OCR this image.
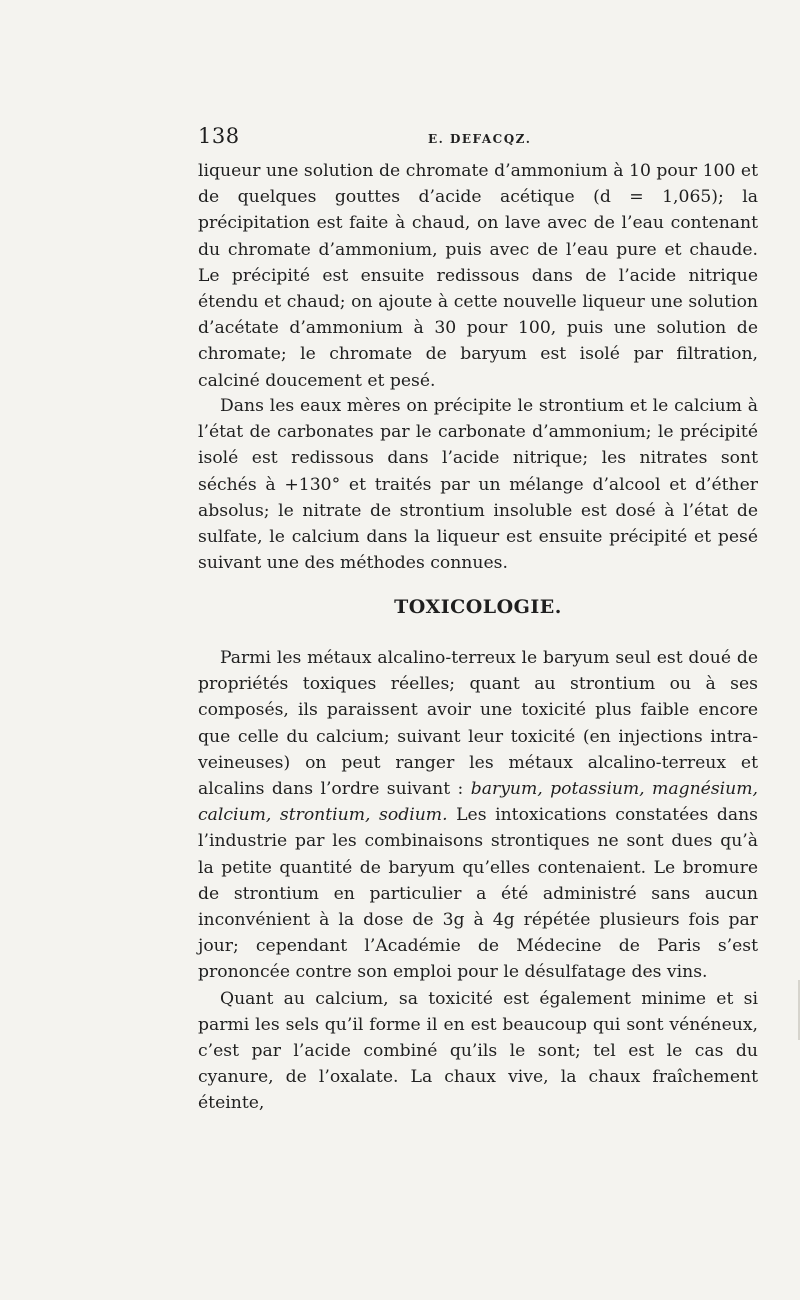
138	E. DEFACQZ.

liqueur une solution de chromate d’ammonium à 10 pour 100 et de quelques gouttes d’acide acétique (d = 1,065); la précipitation est faite à chaud, on lave avec de l’eau contenant du chromate d’ammonium, puis avec de l’eau pure et chaude. Le précipité est ensuite redissous dans de l’acide nitrique étendu et chaud; on ajoute à cette nouvelle liqueur une solution d’acétate d’ammonium à 30 pour 100, puis une solution de chromate; le chromate de baryum est isolé par filtration, calciné doucement et pesé.

Dans les eaux mères on précipite le strontium et le calcium à l’état de carbonates par le carbonate d’ammonium; le précipité isolé est redissous dans l’acide nitrique; les nitrates sont séchés à +130° et traités par un mélange d’alcool et d’éther absolus; le nitrate de strontium insoluble est dosé à l’état de sulfate, le calcium dans la liqueur est ensuite précipité et pesé suivant une des méthodes connues.

TOXICOLOGIE.

Parmi les métaux alcalino-terreux le baryum seul est doué de propriétés toxiques réelles; quant au strontium ou à ses composés, ils paraissent avoir une toxicité plus faible encore que celle du calcium; suivant leur toxicité (en injections intra-veineuses) on peut ranger les métaux alcalino-terreux et alcalins dans l’ordre suivant : baryum, potassium, magnésium, calcium, strontium, sodium. Les intoxications constatées dans l’industrie par les combinaisons strontiques ne sont dues qu’à la petite quantité de baryum qu’elles contenaient. Le bromure de strontium en particulier a été administré sans aucun inconvénient à la dose de 3g à 4g répétée plusieurs fois par jour; cependant l’Académie de Médecine de Paris s’est prononcée contre son emploi pour le désulfatage des vins.

Quant au calcium, sa toxicité est également minime et si parmi les sels qu’il forme il en est beaucoup qui sont vénéneux, c’est par l’acide combiné qu’ils le sont; tel est le cas du cyanure, de l’oxalate. La chaux vive, la chaux fraîchement éteinte,
